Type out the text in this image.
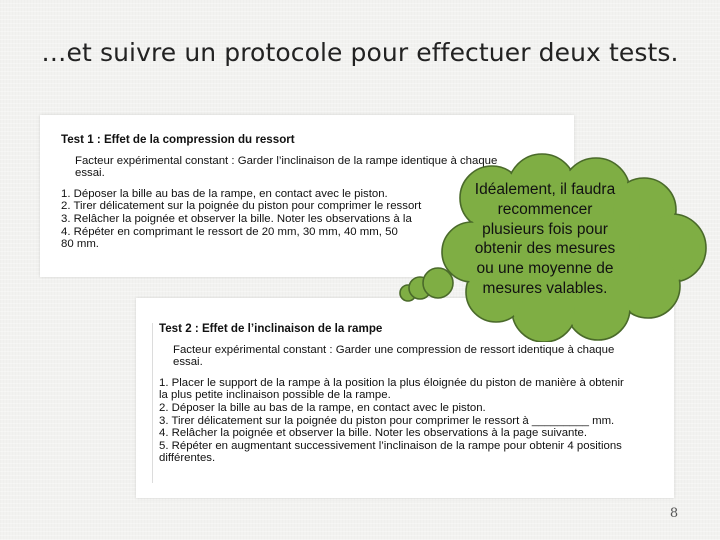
…et suivre un protocole pour effectuer deux tests.
Test 1 : Effet de la compression du ressort
Facteur expérimental constant : Garder l’inclinaison de la rampe identique à chaque
essai.
1. Déposer la bille au bas de la rampe, en contact avec le piston.
2. Tirer délicatement sur la poignée du piston pour comprimer le ressort
3. Relâcher la poignée et observer la bille. Noter les observations à la
4. Répéter en comprimant le ressort de 20 mm, 30 mm, 40 mm, 50
80 mm.
Test 2 : Effet de l’inclinaison de la rampe
Facteur expérimental constant : Garder une compression de ressort identique à chaque
essai.
1. Placer le support de la rampe à la position la plus éloignée du piston de manière à obtenir
la plus petite inclinaison possible de la rampe.
2. Déposer la bille au bas de la rampe, en contact avec le piston.
3. Tirer délicatement sur la poignée du piston pour comprimer le ressort à _________ mm.
4. Relâcher la poignée et observer la bille. Noter les observations à la page suivante.
5. Répéter en augmentant successivement l’inclinaison de la rampe pour obtenir 4 positions
différentes.
Idéalement, il faudra
recommencer
plusieurs fois pour
obtenir des mesures
ou une moyenne de
mesures valables.
8
